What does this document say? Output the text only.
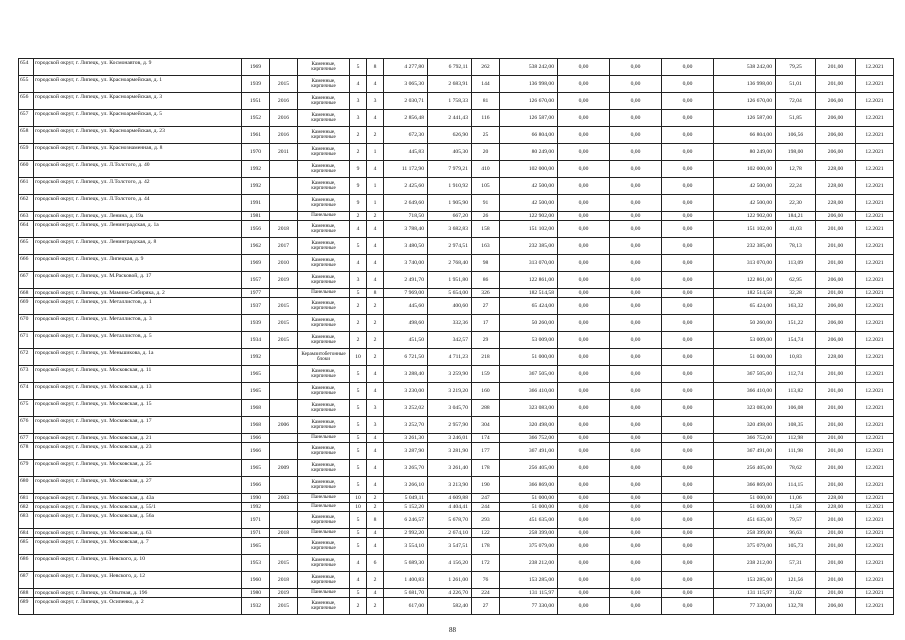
654	городской округ, г. Липецк, ул. Космонавтов, д. 9	1969		Каменные, кирпичные	5	8	4 277,80	6 792,11	262	538 242,00	0,00	0,00	0,00	538 242,00	79,25	201,00	12.2021
655	городской округ, г. Липецк, ул. Красноармейская, д. 1	1939	2015	Каменные, кирпичные	4	4	3 065,30	2 683,91	144	136 998,00	0,00	0,00	0,00	136 998,00	51,01	201,00	12.2021
656	городской округ, г. Липецк, ул. Красноармейская, д. 3	1951	2016	Каменные, кирпичные	3	3	2 030,71	1 758,33	81	126 670,00	0,00	0,00	0,00	126 670,00	72,04	206,00	12.2021
657	городской округ, г. Липецк, ул. Красноармейская, д. 5	1952	2016	Каменные, кирпичные	3	4	2 856,48	2 441,43	116	126 587,00	0,00	0,00	0,00	126 587,00	51,85	206,00	12.2021
658	городской округ, г. Липецк, ул. Красноармейская, д. 23	1961	2016	Каменные, кирпичные	2	2	672,30	626,90	25	66 804,00	0,00	0,00	0,00	66 804,00	106,56	206,00	12.2021
659	городской округ, г. Липецк, ул. Краснознаменная, д. 8	1970	2011	Каменные, кирпичные	2	1	445,83	405,30	20	80 249,00	0,00	0,00	0,00	80 249,00	198,00	206,00	12.2021
660	городской округ, г. Липецк, ул. Л.Толстого, д. 40	1992		Каменные, кирпичные	9	4	11 172,90	7 979,21	410	102 000,00	0,00	0,00	0,00	102 000,00	12,78	228,00	12.2021
661	городской округ, г. Липецк, ул. Л.Толстого, д. 42	1992		Каменные, кирпичные	9	1	2 425,60	1 910,92	105	42 500,00	0,00	0,00	0,00	42 500,00	22,24	228,00	12.2021
662	городской округ, г. Липецк, ул. Л.Толстого, д. 44	1991		Каменные, кирпичные	9	1	2 649,60	1 905,90	91	42 500,00	0,00	0,00	0,00	42 500,00	22,30	228,00	12.2021
663	городской округ, г. Липецк, ул. Ленина, д. 19а	1981		Панельные	2	2	718,50	667,20	26	122 902,00	0,00	0,00	0,00	122 902,00	184,21	206,00	12.2021
664	городской округ, г. Липецк, ул. Ленинградская, д. 1а	1956	2018	Каменные, кирпичные	4	4	3 788,40	3 682,83	158	151 102,00	0,00	0,00	0,00	151 102,00	41,03	201,00	12.2021
665	городской округ, г. Липецк, ул. Ленинградская, д. 8	1962	2017	Каменные, кирпичные	5	4	3 480,50	2 974,51	163	232 385,00	0,00	0,00	0,00	232 385,00	78,13	201,00	12.2021
666	городской округ, г. Липецк, ул. Липецкая, д. 9	1969	2010	Каменные, кирпичные	4	4	3 740,00	2 768,40	98	313 070,00	0,00	0,00	0,00	313 070,00	113,09	201,00	12.2021
667	городской округ, г. Липецк, ул. М.Расковой, д. 17	1957	2019	Каменные, кирпичные	3	4	2 491,70	1 951,80	86	122 861,00	0,00	0,00	0,00	122 861,00	62,95	206,00	12.2021
668	городской округ, г. Липецк, ул. Мамина-Сибиряка, д. 2	1977		Панельные	5	8	7 969,00	5 654,00	326	182 514,58	0,00	0,00	0,00	182 514,58	32,28	201,00	12.2021
669	городской округ, г. Липецк, ул. Металлистов, д. 1	1937	2015	Каменные, кирпичные	2	2	445,60	400,60	27	65 424,00	0,00	0,00	0,00	65 424,00	163,32	206,00	12.2021
670	городской округ, г. Липецк, ул. Металлистов, д. 3	1939	2015	Каменные, кирпичные	2	2	498,60	332,36	17	50 260,00	0,00	0,00	0,00	50 260,00	151,22	206,00	12.2021
671	городской округ, г. Липецк, ул. Металлистов, д. 5	1934	2015	Каменные, кирпичные	2	2	451,50	342,57	29	53 009,00	0,00	0,00	0,00	53 009,00	154,74	206,00	12.2021
672	городской округ, г. Липецк, ул. Меньшикова, д. 1а	1992		Керамзитобетонные блоки	10	2	6 721,50	4 711,23	218	51 000,00	0,00	0,00	0,00	51 000,00	10,83	228,00	12.2021
673	городской округ, г. Липецк, ул. Московская, д. 11	1965		Каменные, кирпичные	5	4	3 288,40	3 259,90	159	367 505,00	0,00	0,00	0,00	367 505,00	112,74	201,00	12.2021
674	городской округ, г. Липецк, ул. Московская, д. 13	1965		Каменные, кирпичные	5	4	3 230,00	3 219,20	160	366 410,00	0,00	0,00	0,00	366 410,00	113,82	201,00	12.2021
675	городской округ, г. Липецк, ул. Московская, д. 15	1968		Каменные, кирпичные	5	3	3 252,02	3 045,70	288	323 083,00	0,00	0,00	0,00	323 083,00	106,08	201,00	12.2021
676	городской округ, г. Липецк, ул. Московская, д. 17	1968	2006	Каменные, кирпичные	5	3	3 252,70	2 957,90	304	320 498,00	0,00	0,00	0,00	320 498,00	108,35	201,00	12.2021
677	городской округ, г. Липецк, ул. Московская, д. 21	1966		Панельные	5	4	3 261,30	3 246,01	174	366 752,00	0,00	0,00	0,00	366 752,00	112,98	201,00	12.2021
678	городской округ, г. Липецк, ул. Московская, д. 23	1966		Каменные, кирпичные	5	4	3 287,90	3 281,90	177	367 491,00	0,00	0,00	0,00	367 491,00	111,98	201,00	12.2021
679	городской округ, г. Липецк, ул. Московская, д. 25	1965	2009	Каменные, кирпичные	5	4	3 265,70	3 261,40	178	256 405,00	0,00	0,00	0,00	256 405,00	78,62	201,00	12.2021
680	городской округ, г. Липецк, ул. Московская, д. 27	1966		Каменные, кирпичные	5	4	3 266,10	3 213,90	190	366 869,00	0,00	0,00	0,00	366 869,00	114,15	201,00	12.2021
681	городской округ, г. Липецк, ул. Московская, д. 43а	1990	2003	Панельные	10	2	5 049,11	4 609,88	247	51 000,00	0,00	0,00	0,00	51 000,00	11,06	228,00	12.2021
682	городской округ, г. Липецк, ул. Московская, д. 55/1	1992		Панельные	10	2	5 152,20	4 404,41	244	51 000,00	0,00	0,00	0,00	51 000,00	11,58	228,00	12.2021
683	городской округ, г. Липецк, ул. Московская, д. 56а	1971		Каменные, кирпичные	5	8	6 246,57	5 678,70	293	451 635,00	0,00	0,00	0,00	451 635,00	79,57	201,00	12.2021
684	городской округ, г. Липецк, ул. Московская, д. 63	1971	2018	Панельные	5	4	2 992,20	2 674,10	122	258 399,00	0,00	0,00	0,00	258 399,00	96,63	201,00	12.2021
685	городской округ, г. Липецк, ул. Московская, д. 7	1965		Каменные, кирпичные	5	4	3 554,10	3 547,51	178	375 079,00	0,00	0,00	0,00	375 079,00	105,73	201,00	12.2021
686	городской округ, г. Липецк, ул. Невского, д. 10	1953	2015	Каменные, кирпичные	4	6	5 689,30	4 156,20	172	238 212,00	0,00	0,00	0,00	238 212,00	57,31	201,00	12.2021
687	городской округ, г. Липецк, ул. Невского, д. 12	1960	2018	Каменные, кирпичные	4	2	1 400,83	1 261,00	76	153 285,00	0,00	0,00	0,00	153 285,00	121,56	201,00	12.2021
688	городской округ, г. Липецк, ул. Опытная, д. 196	1980	2019	Панельные	5	4	5 681,70	4 226,70	224	131 115,97	0,00	0,00	0,00	131 115,97	31,02	201,00	12.2021
689	городской округ, г. Липецк, ул. Осипенко, д. 2	1932	2015	Каменные, кирпичные	2	2	617,00	582,40	27	77 330,00	0,00	0,00	0,00	77 330,00	132,78	206,00	12.2021
88
